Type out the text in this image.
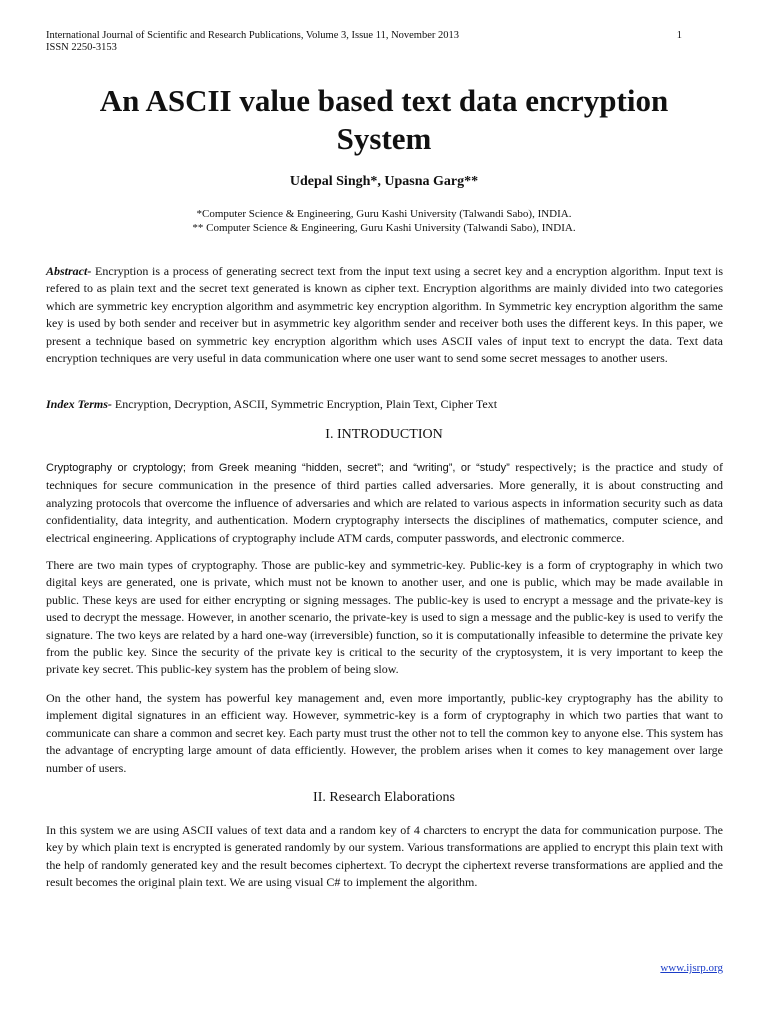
International Journal of Scientific and Research Publications, Volume 3, Issue 11, November 2013
ISSN 2250-3153
1
An ASCII value based text data encryption
System
Udepal Singh*, Upasna Garg**
*Computer Science & Engineering, Guru Kashi University (Talwandi Sabo), INDIA.
** Computer Science & Engineering, Guru Kashi University (Talwandi Sabo), INDIA.

Abstract- Encryption is a process of generating secrect text from the input text using a secret key and a encryption algorithm. Input text is refered to as plain text and the secret text generated is known as cipher text. Encryption algorithms are mainly divided into two categories which are symmetric key encryption algorithm and asymmetric key encryption algorithm. In Symmetric key encryption algorithm the same key is used by both sender and receiver but in asymmetric key algorithm sender and receiver both uses the different keys. In this paper, we present a technique based on symmetric key encryption algorithm which uses ASCII vales of input text to encrypt the data. Text data encryption techniques are very useful in data communication where one user want to send some secret messages to another users.

Index Terms- Encryption, Decryption, ASCII, Symmetric Encryption, Plain Text, Cipher Text

I. INTRODUCTION

Cryptography or cryptology; from Greek meaning “hidden, secret”; and “writing”, or “study” respectively; is the practice and study of techniques for secure communication in the presence of third parties called adversaries. More generally, it is about constructing and analyzing protocols that overcome the influence of adversaries and which are related to various aspects in information security such as data confidentiality, data integrity, and authentication. Modern cryptography intersects the disciplines of mathematics, computer science, and electrical engineering. Applications of cryptography include ATM cards, computer passwords, and electronic commerce.

There are two main types of cryptography. Those are public-key and symmetric-key. Public-key is a form of cryptography in which two digital keys are generated, one is private, which must not be known to another user, and one is public, which may be made available in public. These keys are used for either encrypting or signing messages. The public-key is used to encrypt a message and the private-key is used to decrypt the message. However, in another scenario, the private-key is used to sign a message and the public-key is used to verify the signature. The two keys are related by a hard one-way (irreversible) function, so it is computationally infeasible to determine the private key from the public key. Since the security of the private key is critical to the security of the cryptosystem, it is very important to keep the private key secret. This public-key system has the problem of being slow.

On the other hand, the system has powerful key management and, even more importantly, public-key cryptography has the ability to implement digital signatures in an efficient way. However, symmetric-key is a form of cryptography in which two parties that want to communicate can share a common and secret key. Each party must trust the other not to tell the common key to anyone else. This system has the advantage of encrypting large amount of data efficiently. However, the problem arises when it comes to key management over large number of users.

II. Research Elaborations

In this system we are using ASCII values of text data and a random key of 4 charcters to encrypt the data for communication purpose. The key by which plain text is encrypted is generated randomly by our system. Various transformations are applied to encrypt this plain text with the help of randomly generated key and the result becomes ciphertext. To decrypt the ciphertext reverse transformations are applied and the result becomes the original plain text. We are using visual C# to implement the algorithm.

www.ijsrp.org
